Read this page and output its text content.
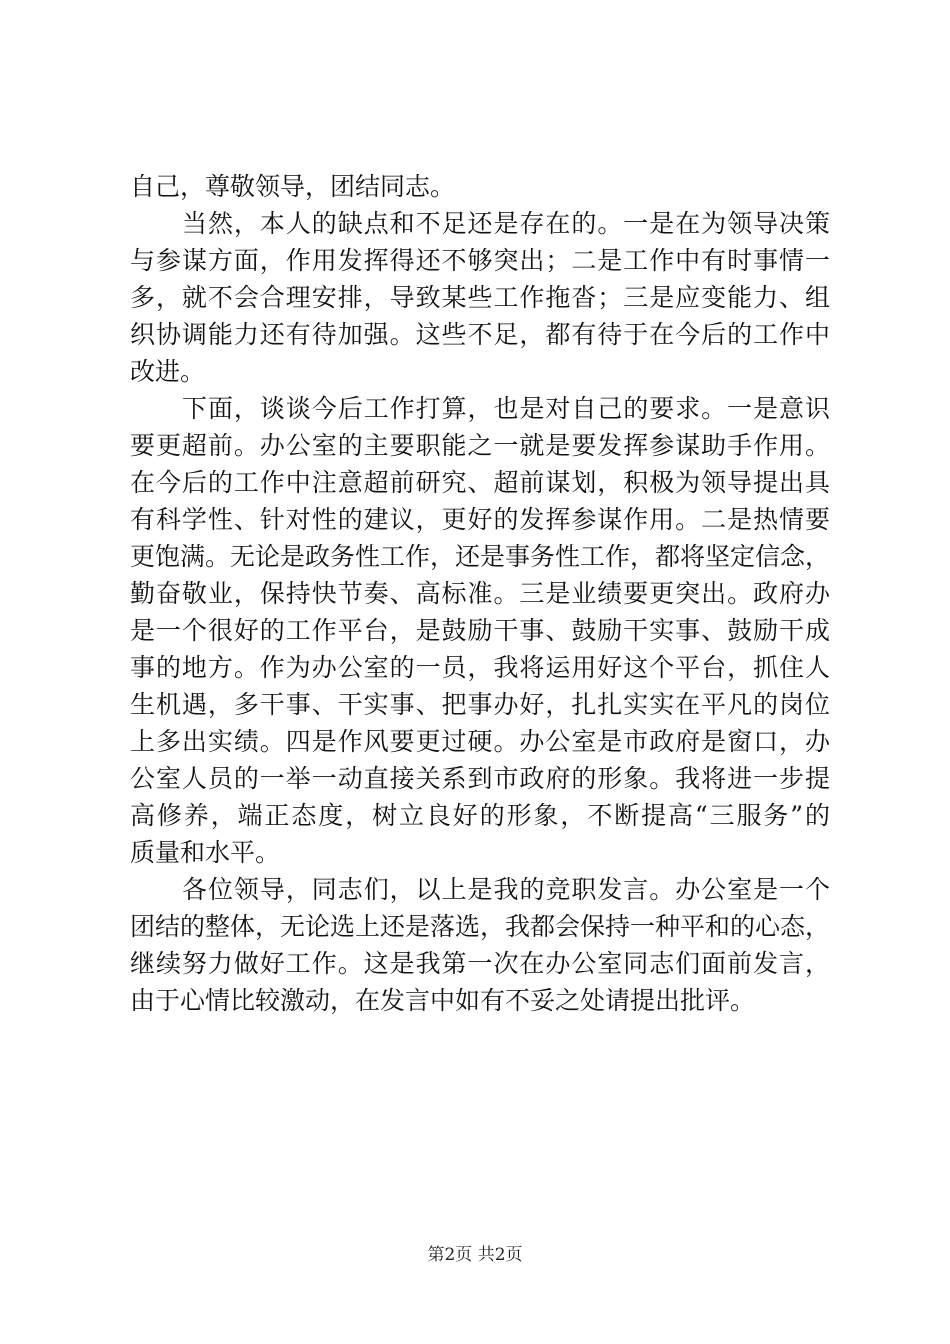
自己，尊敬领导，团结同志。
当然，本人的缺点和不足还是存在的。一是在为领导决策
与参谋方面，作用发挥得还不够突出；二是工作中有时事情一
多，就不会合理安排，导致某些工作拖沓；三是应变能力、组
织协调能力还有待加强。这些不足，都有待于在今后的工作中
改进。
下面，谈谈今后工作打算，也是对自己的要求。一是意识
要更超前。办公室的主要职能之一就是要发挥参谋助手作用。
在今后的工作中注意超前研究、超前谋划，积极为领导提出具
有科学性、针对性的建议，更好的发挥参谋作用。二是热情要
更饱满。无论是政务性工作，还是事务性工作，都将坚定信念，
勤奋敬业，保持快节奏、高标准。三是业绩要更突出。政府办
是一个很好的工作平台，是鼓励干事、鼓励干实事、鼓励干成
事的地方。作为办公室的一员，我将运用好这个平台，抓住人
生机遇，多干事、干实事、把事办好，扎扎实实在平凡的岗位
上多出实绩。四是作风要更过硬。办公室是市政府是窗口，办
公室人员的一举一动直接关系到市政府的形象。我将进一步提
高修养，端正态度，树立良好的形象，不断提高“三服务”的
质量和水平。
各位领导，同志们，以上是我的竞职发言。办公室是一个
团结的整体，无论选上还是落选，我都会保持一种平和的心态，
继续努力做好工作。这是我第一次在办公室同志们面前发言，
由于心情比较激动，在发言中如有不妥之处请提出批评。
第2页 共2页
